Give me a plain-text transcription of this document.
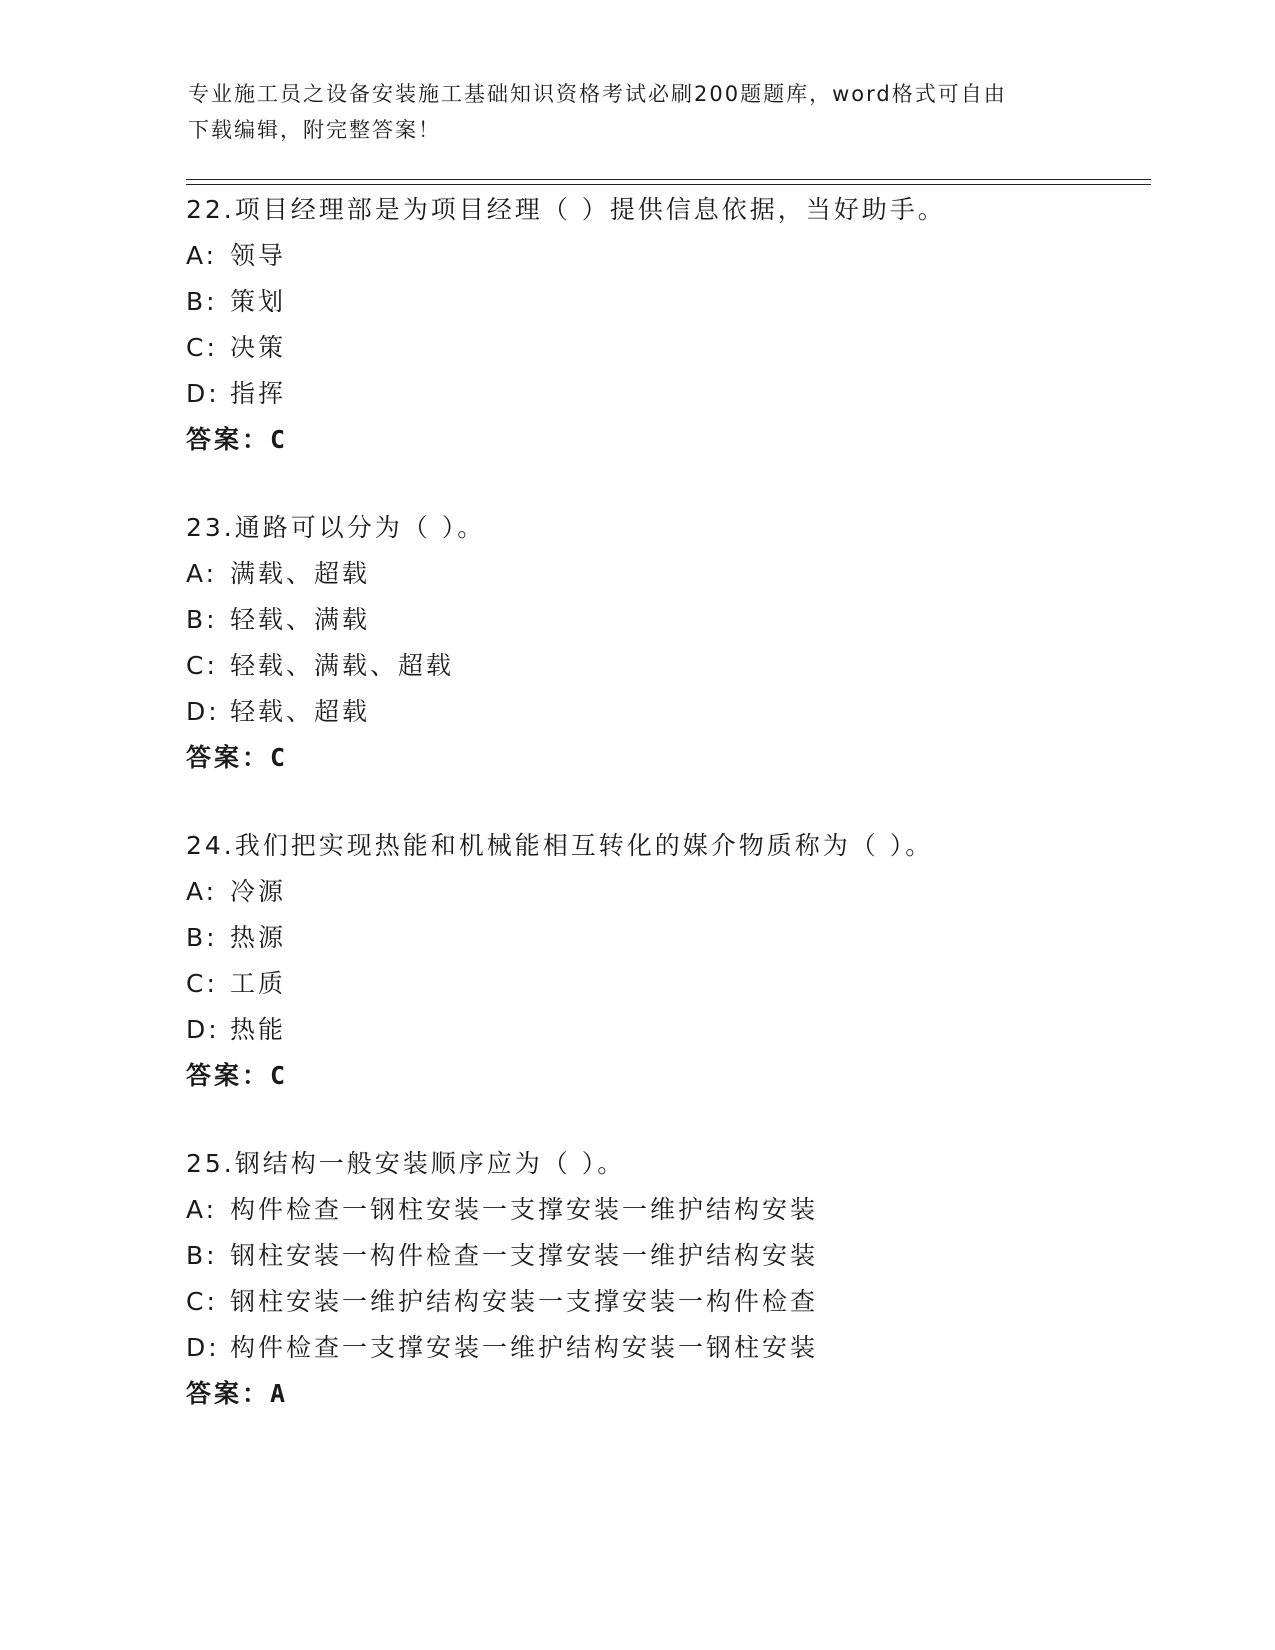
专业施工员之设备安装施工基础知识资格考试必刷200题题库，word格式可自由
下载编辑，附完整答案！
22.项目经理部是为项目经理（ ）提供信息依据，当好助手。
A: 领导
B: 策划
C: 决策
D: 指挥
答案：C
23.通路可以分为（ ）。
A: 满载、超载
B: 轻载、满载
C: 轻载、满载、超载
D: 轻载、超载
答案：C
24.我们把实现热能和机械能相互转化的媒介物质称为（ ）。
A: 冷源
B: 热源
C: 工质
D: 热能
答案：C
25.钢结构一般安装顺序应为（ ）。
A: 构件检查一钢柱安装一支撑安装一维护结构安装
B: 钢柱安装一构件检查一支撑安装一维护结构安装
C: 钢柱安装一维护结构安装一支撑安装一构件检查
D: 构件检查一支撑安装一维护结构安装一钢柱安装
答案：A
